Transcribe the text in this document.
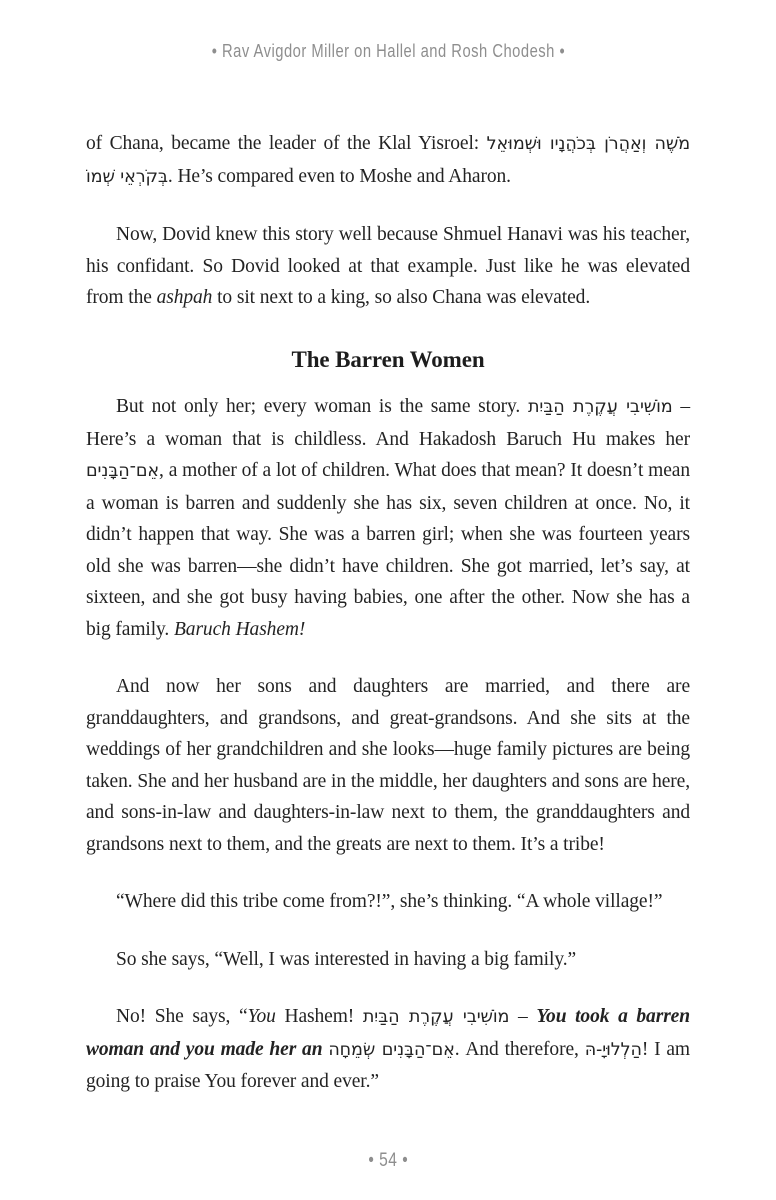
• Rav Avigdor Miller on Hallel and Rosh Chodesh •

of Chana, became the leader of the Klal Yisroel: מֹשֶׁה וְאַהֲרֹן בְּכֹהֲנָיו וּשְׁמוּאֵל בְּקֹרְאֵי שְׁמוֹ. He’s compared even to Moshe and Aharon.

Now, Dovid knew this story well because Shmuel Hanavi was his teacher, his confidant. So Dovid looked at that example. Just like he was elevated from the ashpah to sit next to a king, so also Chana was elevated.

The Barren Women

But not only her; every woman is the same story. מוֹשִׁיבִי עֲקֶרֶת הַבַּיִת – Here’s a woman that is childless. And Hakadosh Baruch Hu makes her אֵם־הַבָּנִים, a mother of a lot of children. What does that mean? It doesn’t mean a woman is barren and suddenly she has six, seven children at once. No, it didn’t happen that way. She was a barren girl; when she was fourteen years old she was barren—she didn’t have children. She got married, let’s say, at sixteen, and she got busy having babies, one after the other. Now she has a big family. Baruch Hashem!

And now her sons and daughters are married, and there are granddaughters, and grandsons, and great-grandsons. And she sits at the weddings of her grandchildren and she looks—huge family pictures are being taken. She and her husband are in the middle, her daughters and sons are here, and sons-in-law and daughters-in-law next to them, the granddaughters and grandsons next to them, and the greats are next to them. It’s a tribe!

“Where did this tribe come from?!”, she’s thinking. “A whole village!”

So she says, “Well, I was interested in having a big family.”

No! She says, “You Hashem! מוֹשִׁיבִי עֲקֶרֶת הַבַּיִת – You took a barren woman and you made her an אֵם־הַבָּנִים שְׂמֵחָה. And therefore, הַלְלוּיָ-הּ! I am going to praise You forever and ever.”

• 54 •
